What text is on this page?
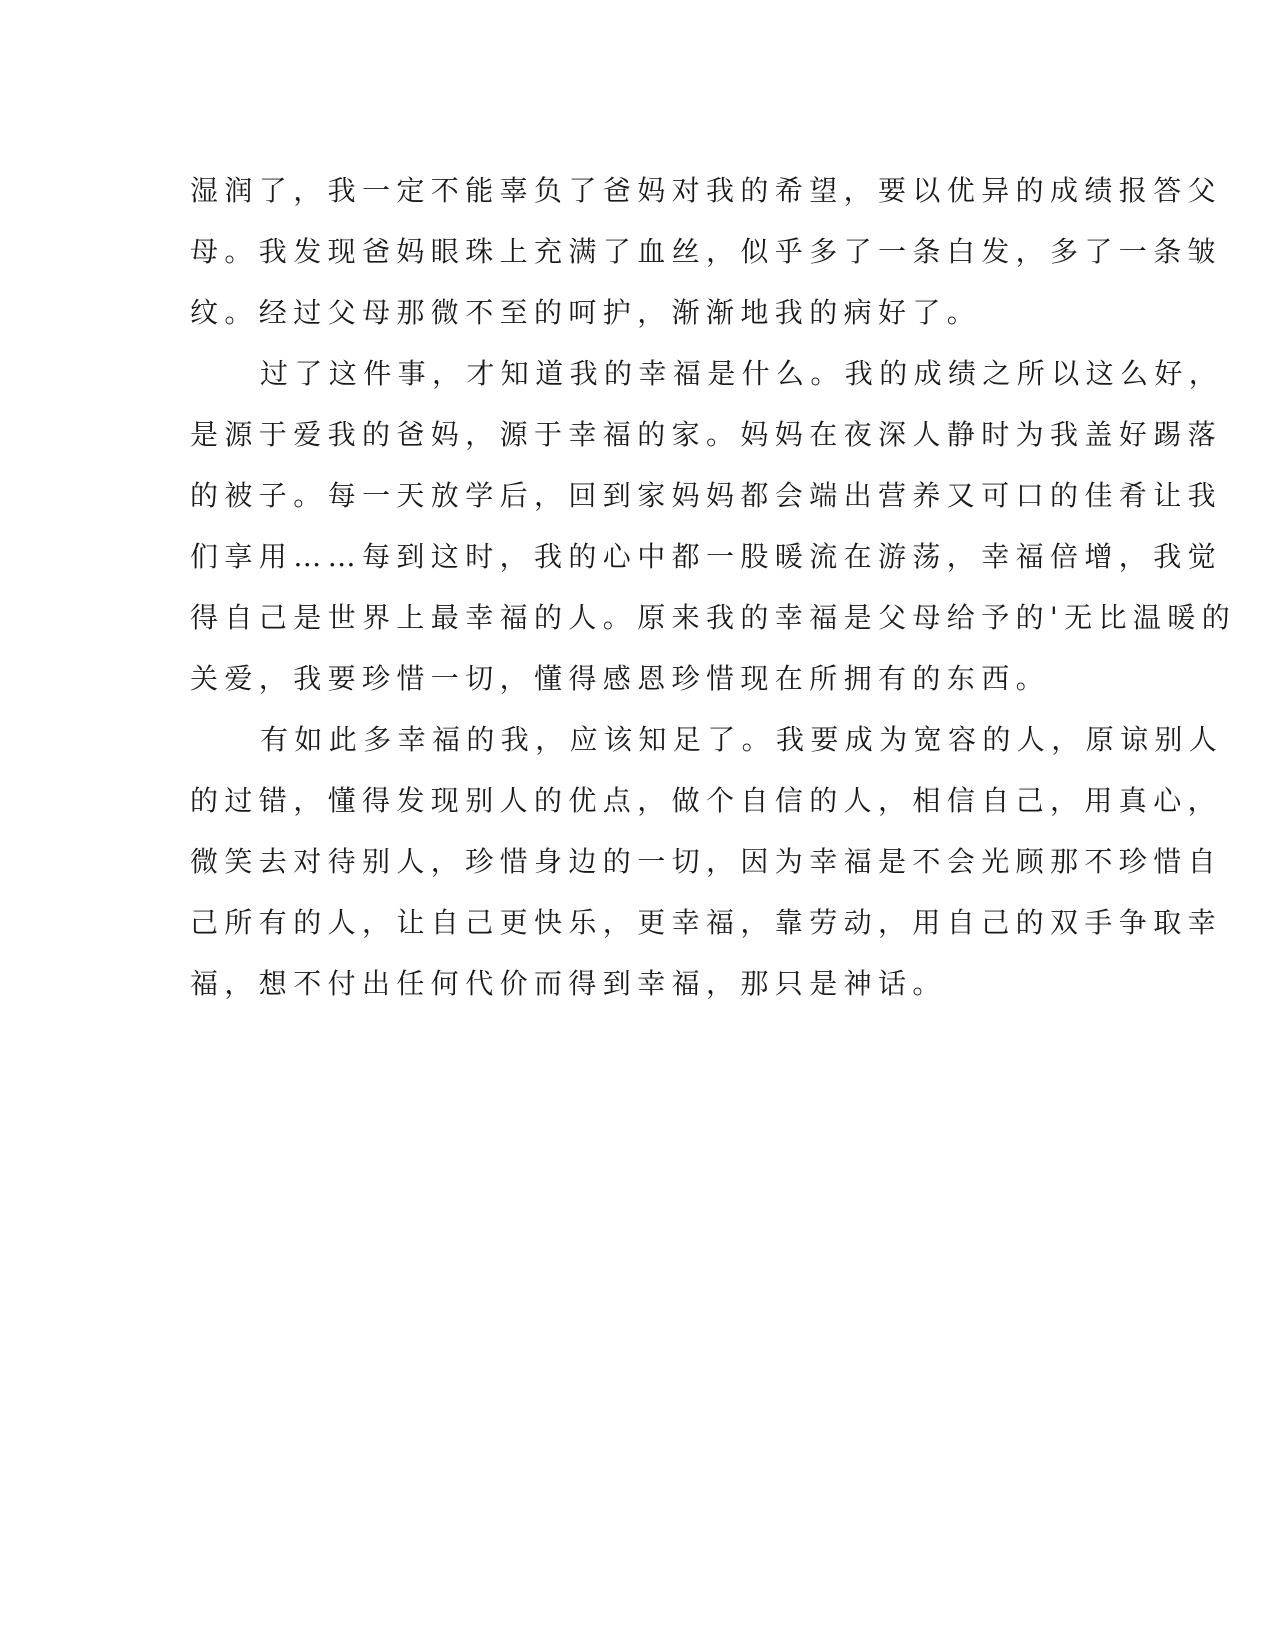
湿润了，我一定不能辜负了爸妈对我的希望，要以优异的成绩报答父
母。我发现爸妈眼珠上充满了血丝，似乎多了一条白发，多了一条皱
纹。经过父母那微不至的呵护，渐渐地我的病好了。
过了这件事，才知道我的幸福是什么。我的成绩之所以这么好，
是源于爱我的爸妈，源于幸福的家。妈妈在夜深人静时为我盖好踢落
的被子。每一天放学后，回到家妈妈都会端出营养又可口的佳肴让我
们享用……每到这时，我的心中都一股暖流在游荡，幸福倍增，我觉
得自己是世界上最幸福的人。原来我的幸福是父母给予的'无比温暖的
关爱，我要珍惜一切，懂得感恩珍惜现在所拥有的东西。
有如此多幸福的我，应该知足了。我要成为宽容的人，原谅别人
的过错，懂得发现别人的优点，做个自信的人，相信自己，用真心，
微笑去对待别人，珍惜身边的一切，因为幸福是不会光顾那不珍惜自
己所有的人，让自己更快乐，更幸福，靠劳动，用自己的双手争取幸
福，想不付出任何代价而得到幸福，那只是神话。
